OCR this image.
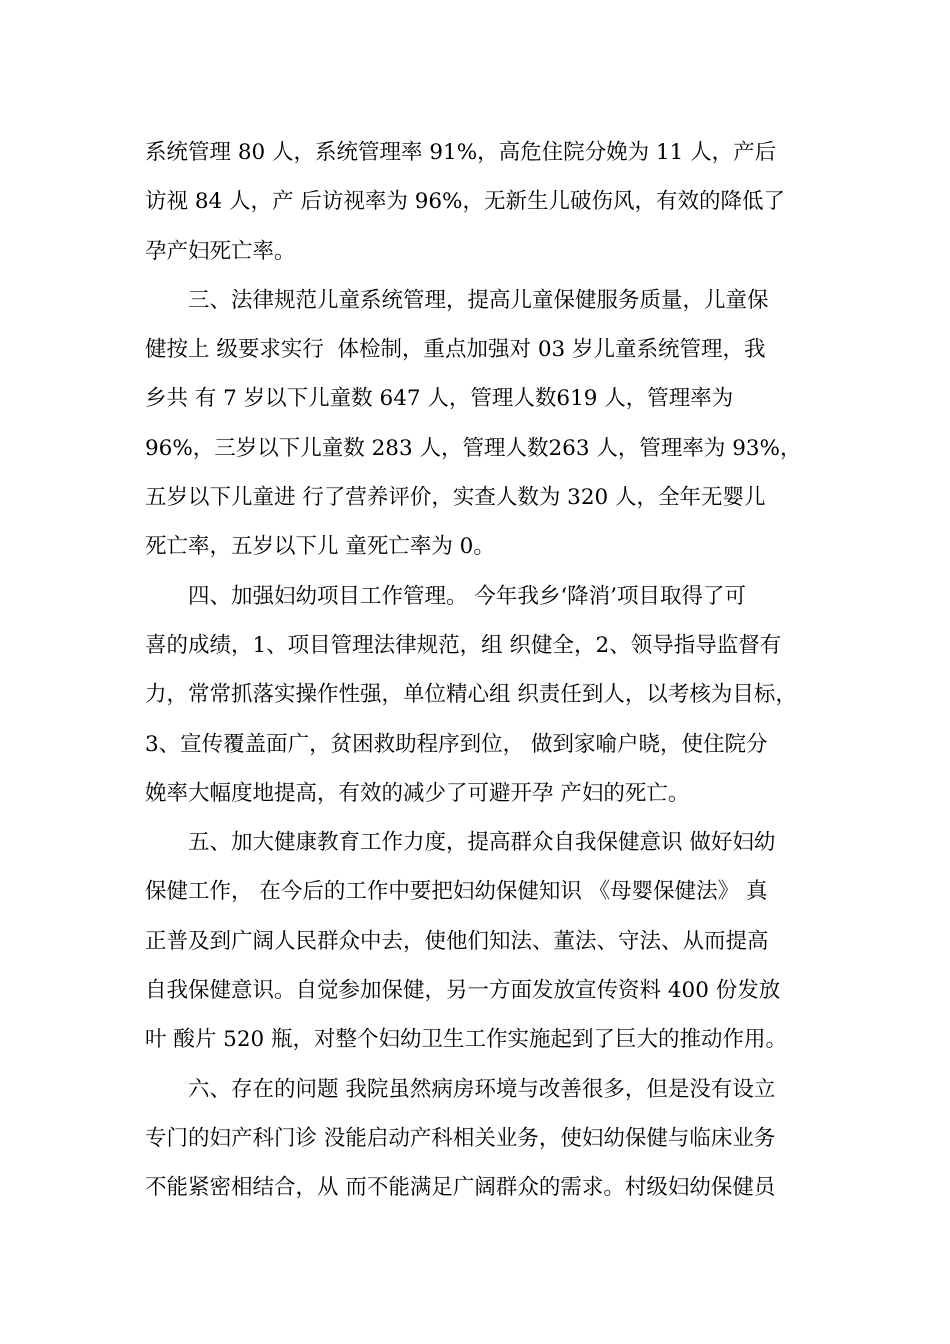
系统管理 80 人，系统管理率 91%，高危住院分娩为 11 人，产后
访视 84 人，产 后访视率为 96%，无新生儿破伤风，有效的降低了
孕产妇死亡率。
三、法律规范儿童系统管理，提高儿童保健服务质量，儿童保
健按上 级要求实行  体检制，重点加强对 03 岁儿童系统管理，我
乡共 有 7 岁以下儿童数 647 人，管理人数619 人，管理率为
96%，三岁以下儿童数 283 人，管理人数263 人，管理率为 93%，
五岁以下儿童进 行了营养评价，实查人数为 320 人，全年无婴儿
死亡率，五岁以下儿 童死亡率为 0。
四、加强妇幼项目工作管理。 今年我乡‘降消’项目取得了可
喜的成绩，1、项目管理法律规范，组 织健全，2、领导指导监督有
力，常常抓落实操作性强，单位精心组 织责任到人，以考核为目标，
3、宣传覆盖面广，贫困救助程序到位， 做到家喻户晓，使住院分
娩率大幅度地提高，有效的减少了可避开孕 产妇的死亡。
五、加大健康教育工作力度，提高群众自我保健意识 做好妇幼
保健工作， 在今后的工作中要把妇幼保健知识 《母婴保健法》 真
正普及到广阔人民群众中去，使他们知法、董法、守法、从而提高
自我保健意识。自觉参加保健，另一方面发放宣传资料 400 份发放
叶 酸片 520 瓶，对整个妇幼卫生工作实施起到了巨大的推动作用。
六、存在的问题 我院虽然病房环境与改善很多，但是没有设立
专门的妇产科门诊 没能启动产科相关业务，使妇幼保健与临床业务
不能紧密相结合，从 而不能满足广阔群众的需求。村级妇幼保健员
